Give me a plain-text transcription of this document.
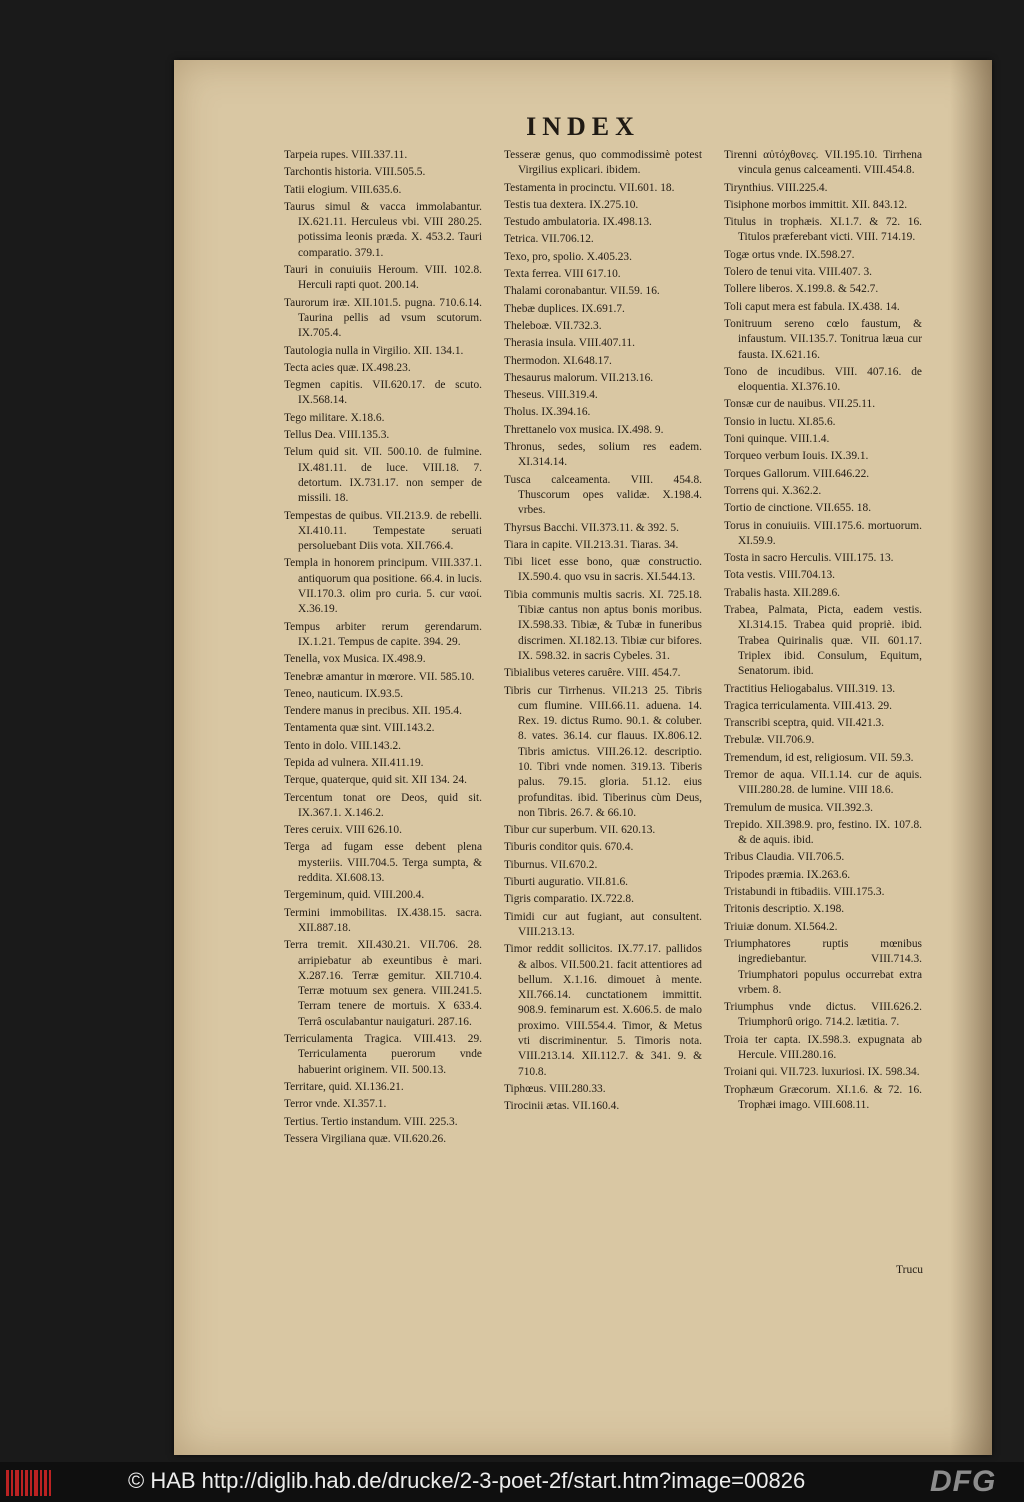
INDEX
Tarpeia rupes. VIII.337.11.
Tarchontis historia. VIII.505.5.
Tatii elogium. VIII.635.6.
Taurus simul & vacca immolabantur. IX.621.11. Herculeus vbi. VIII 280.25. potissima leonis præda. X. 453.2. Tauri comparatio. 379.1.
Tauri in conuiuiis Heroum. VIII. 102.8. Herculi rapti quot. 200.14.
Taurorum iræ. XII.101.5. pugna. 710.6.14. Taurina pellis ad vsum scutorum. IX.705.4.
Tautologia nulla in Virgilio. XII. 134.1.
Tecta acies quæ. IX.498.23.
Tegmen capitis. VII.620.17. de scuto. IX.568.14.
Tego militare. X.18.6.
Tellus Dea. VIII.135.3.
Telum quid sit. VII. 500.10. de fulmine. IX.481.11. de luce. VIII.18. 7. detortum. IX.731.17. non semper de missili. 18.
Tempestas de quibus. VII.213.9. de rebelli. XI.410.11. Tempestate seruati persoluebant Diis vota. XII.766.4.
Templa in honorem principum. VIII.337.1. antiquorum qua positione. 66.4. in lucis. VII.170.3. olim pro curia. 5. cur ναοί. X.36.19.
Tempus arbiter rerum gerendarum. IX.1.21. Tempus de capite. 394. 29.
Tenella, vox Musica. IX.498.9.
Tenebræ amantur in mœrore. VII. 585.10.
Teneo, nauticum. IX.93.5.
Tendere manus in precibus. XII. 195.4.
Tentamenta quæ sint. VIII.143.2.
Tento in dolo. VIII.143.2.
Tepida ad vulnera. XII.411.19.
Terque, quaterque, quid sit. XII 134. 24.
Tercentum tonat ore Deos, quid sit. IX.367.1. X.146.2.
Teres ceruix. VIII 626.10.
Terga ad fugam esse debent plena mysteriis. VIII.704.5. Terga sumpta, & reddita. XI.608.13.
Tergeminum, quid. VIII.200.4.
Termini immobilitas. IX.438.15. sacra. XII.887.18.
Terra tremit. XII.430.21. VII.706. 28. arripiebatur ab exeuntibus è mari. X.287.16. Terræ gemitur. XII.710.4. Terræ motuum sex genera. VIII.241.5. Terram tenere de mortuis. X 633.4. Terrâ osculabantur nauigaturi. 287.16.
Terriculamenta Tragica. VIII.413. 29. Terriculamenta puerorum vnde habuerint originem. VII. 500.13.
Territare, quid. XI.136.21.
Terror vnde. XI.357.1.
Tertius. Tertio instandum. VIII. 225.3.
Tessera Virgiliana quæ. VII.620.26.
Tesseræ genus, quo commodissimè potest Virgilius explicari. ibidem.
Testamenta in procinctu. VII.601. 18.
Testis tua dextera. IX.275.10.
Testudo ambulatoria. IX.498.13.
Tetrica. VII.706.12.
Texo, pro, spolio. X.405.23.
Texta ferrea. VIII 617.10.
Thalami coronabantur. VII.59. 16.
Thebæ duplices. IX.691.7.
Theleboæ. VII.732.3.
Therasia insula. VIII.407.11.
Thermodon. XI.648.17.
Thesaurus malorum. VII.213.16.
Theseus. VIII.319.4.
Tholus. IX.394.16.
Threttanelo vox musica. IX.498. 9.
Thronus, sedes, solium res eadem. XI.314.14.
Tusca calceamenta. VIII. 454.8. Thuscorum opes validæ. X.198.4. vrbes.
Thyrsus Bacchi. VII.373.11. & 392. 5.
Tiara in capite. VII.213.31. Tiaras. 34.
Tibi licet esse bono, quæ constructio. IX.590.4. quo vsu in sacris. XI.544.13.
Tibia communis multis sacris. XI. 725.18. Tibiæ cantus non aptus bonis moribus. IX.598.33. Tibiæ, & Tubæ in funeribus discrimen. XI.182.13. Tibiæ cur bifores. IX. 598.32. in sacris Cybeles. 31.
Tibialibus veteres caruêre. VIII. 454.7.
Tibris cur Tirrhenus. VII.213 25. Tibris cum flumine. VIII.66.11. aduena. 14. Rex. 19. dictus Rumo. 90.1. & coluber. 8. vates. 36.14. cur flauus. IX.806.12. Tibris amictus. VIII.26.12. descriptio. 10. Tibri vnde nomen. 319.13. Tiberis palus. 79.15. gloria. 51.12. eius profunditas. ibid. Tiberinus cùm Deus, non Tibris. 26.7. & 66.10.
Tibur cur superbum. VII. 620.13.
Tiburis conditor quis. 670.4.
Tiburnus. VII.670.2.
Tiburti auguratio. VII.81.6.
Tigris comparatio. IX.722.8.
Timidi cur aut fugiant, aut consultent. VIII.213.13.
Timor reddit sollicitos. IX.77.17. pallidos & albos. VII.500.21. facit attentiores ad bellum. X.1.16. dimouet à mente. XII.766.14. cunctationem immittit. 908.9. feminarum est. X.606.5. de malo proximo. VIII.554.4. Timor, & Metus vti discriminentur. 5. Timoris nota. VIII.213.14. XII.112.7. & 341. 9. & 710.8.
Tiphœus. VIII.280.33.
Tirocinii ætas. VII.160.4.
Tirenni αὐτόχθονες. VII.195.10. Tirrhena vincula genus calceamenti. VIII.454.8.
Tirynthius. VIII.225.4.
Tisiphone morbos immittit. XII. 843.12.
Titulus in trophæis. XI.1.7. & 72. 16. Titulos præferebant victi. VIII. 714.19.
Togæ ortus vnde. IX.598.27.
Tolero de tenui vita. VIII.407. 3.
Tollere liberos. X.199.8. & 542.7.
Toli caput mera est fabula. IX.438. 14.
Tonitruum sereno cœlo faustum, & infaustum. VII.135.7. Tonitrua læua cur fausta. IX.621.16.
Tono de incudibus. VIII. 407.16. de eloquentia. XI.376.10.
Tonsæ cur de nauibus. VII.25.11.
Tonsio in luctu. XI.85.6.
Toni quinque. VIII.1.4.
Torqueo verbum Iouis. IX.39.1.
Torques Gallorum. VIII.646.22.
Torrens qui. X.362.2.
Tortio de cinctione. VII.655. 18.
Torus in conuiuiis. VIII.175.6. mortuorum. XI.59.9.
Tosta in sacro Herculis. VIII.175. 13.
Tota vestis. VIII.704.13.
Trabalis hasta. XII.289.6.
Trabea, Palmata, Picta, eadem vestis. XI.314.15. Trabea quid propriè. ibid. Trabea Quirinalis quæ. VII. 601.17. Triplex ibid. Consulum, Equitum, Senatorum. ibid.
Tractitius Heliogabalus. VIII.319. 13.
Tragica terriculamenta. VIII.413. 29.
Transcribi sceptra, quid. VII.421.3.
Trebulæ. VII.706.9.
Tremendum, id est, religiosum. VII. 59.3.
Tremor de aqua. VII.1.14. cur de aquis. VIII.280.28. de lumine. VIII 18.6.
Tremulum de musica. VII.392.3.
Trepido. XII.398.9. pro, festino. IX. 107.8. & de aquis. ibid.
Tribus Claudia. VII.706.5.
Tripodes præmia. IX.263.6.
Tristabundi in ftibadiis. VIII.175.3.
Tritonis descriptio. X.198.
Triuiæ donum. XI.564.2.
Triumphatores ruptis mœnibus ingrediebantur. VIII.714.3. Triumphatori populus occurrebat extra vrbem. 8.
Triumphus vnde dictus. VIII.626.2. Triumphorû origo. 714.2. lætitia. 7.
Troia ter capta. IX.598.3. expugnata ab Hercule. VIII.280.16.
Troiani qui. VII.723. luxuriosi. IX. 598.34.
Trophæum Græcorum. XI.1.6. & 72. 16. Trophæi imago. VIII.608.11.
Trucu
© HAB http://diglib.hab.de/drucke/2-3-poet-2f/start.htm?image=00826	DFG
